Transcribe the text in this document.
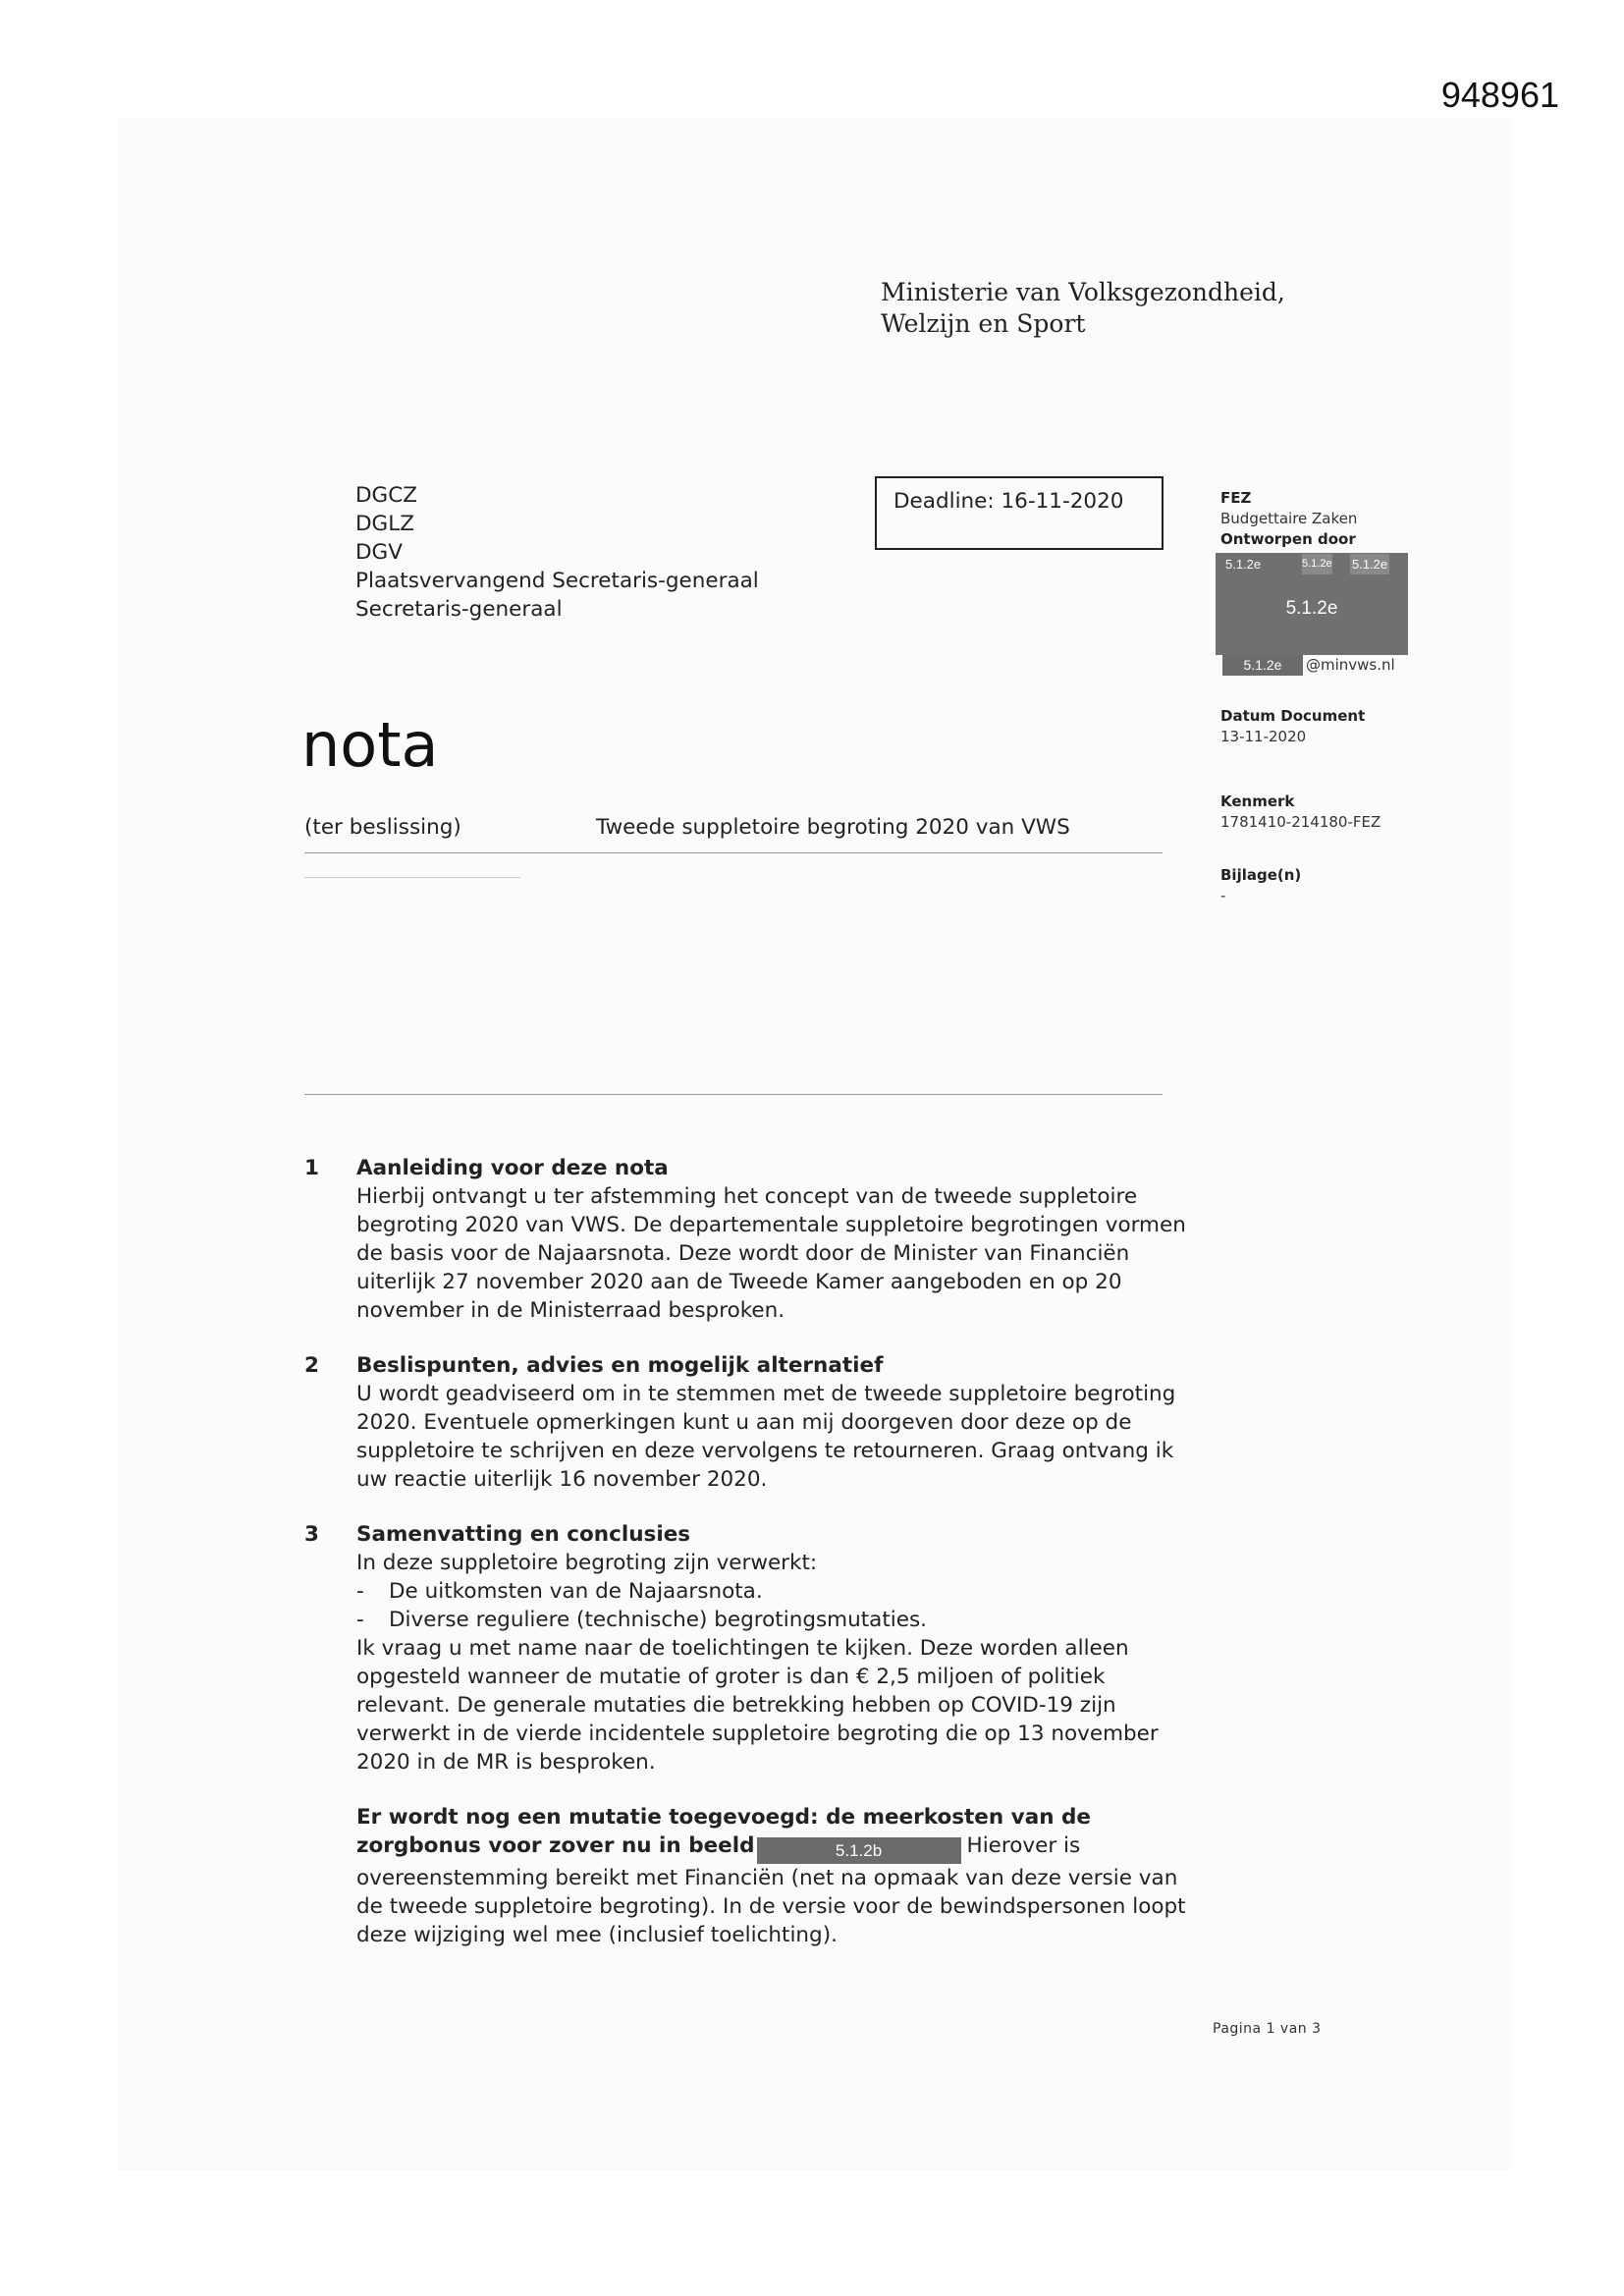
948961
Ministerie van Volksgezondheid,
Welzijn en Sport
DGCZ
DGLZ
DGV
Plaatsvervangend Secretaris-generaal
Secretaris-generaal
Deadline: 16-11-2020
nota
(ter beslissing)	Tweede suppletoire begroting 2020 van VWS
FEZ
Budgettaire Zaken
Ontworpen door
5.1.2e	5.1.2e 5.1.2e
5.1.2e
5.1.2e	@minvws.nl
Datum Document
13-11-2020
Kenmerk
1781410-214180-FEZ
Bijlage(n)
-
1 Aanleiding voor deze nota
Hierbij ontvangt u ter afstemming het concept van de tweede suppletoire
begroting 2020 van VWS. De departementale suppletoire begrotingen vormen
de basis voor de Najaarsnota. Deze wordt door de Minister van Financiën
uiterlijk 27 november 2020 aan de Tweede Kamer aangeboden en op 20
november in de Ministerraad besproken.
2 Beslispunten, advies en mogelijk alternatief
U wordt geadviseerd om in te stemmen met de tweede suppletoire begroting
2020. Eventuele opmerkingen kunt u aan mij doorgeven door deze op de
suppletoire te schrijven en deze vervolgens te retourneren. Graag ontvang ik
uw reactie uiterlijk 16 november 2020.
3 Samenvatting en conclusies
In deze suppletoire begroting zijn verwerkt:
- De uitkomsten van de Najaarsnota.
- Diverse reguliere (technische) begrotingsmutaties.
Ik vraag u met name naar de toelichtingen te kijken. Deze worden alleen
opgesteld wanneer de mutatie of groter is dan € 2,5 miljoen of politiek
relevant. De generale mutaties die betrekking hebben op COVID-19 zijn
verwerkt in de vierde incidentele suppletoire begroting die op 13 november
2020 in de MR is besproken.
Er wordt nog een mutatie toegevoegd: de meerkosten van de
zorgbonus voor zover nu in beeld	5.1.2b	Hierover is
overeenstemming bereikt met Financiën (net na opmaak van deze versie van
de tweede suppletoire begroting). In de versie voor de bewindspersonen loopt
deze wijziging wel mee (inclusief toelichting).
Pagina 1 van 3
